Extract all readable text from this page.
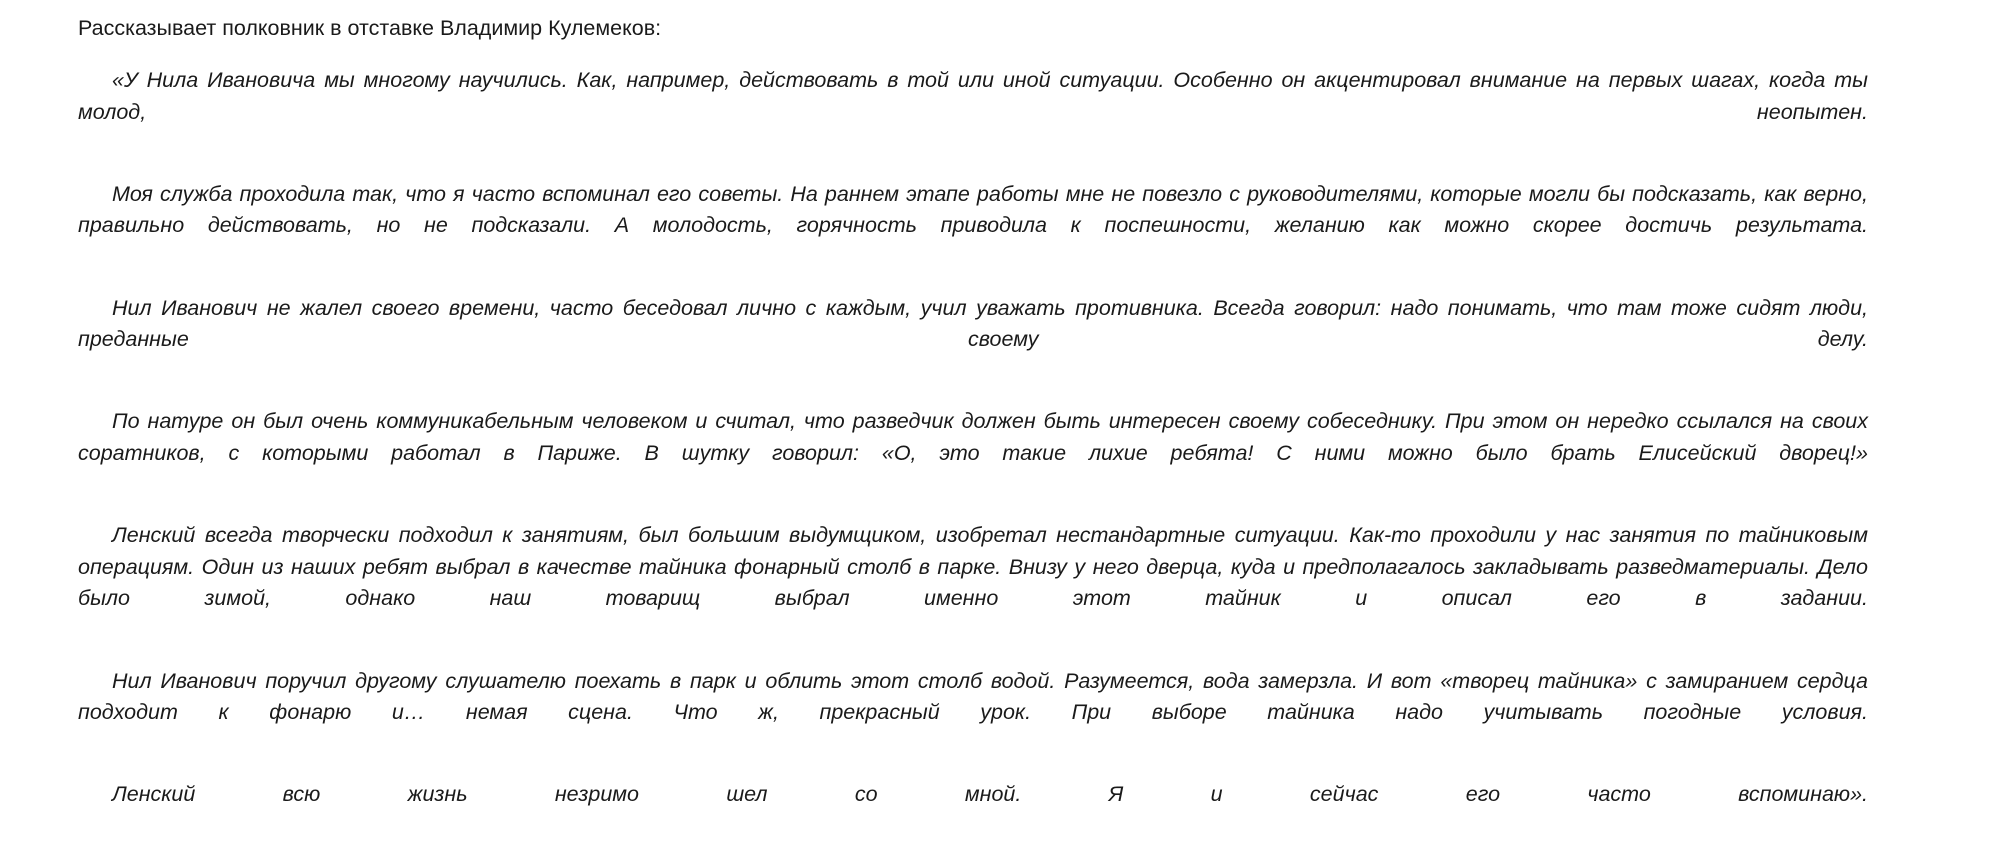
Рассказывает полковник в отставке Владимир Кулемеков:

«У Нила Ивановича мы многому научились. Как, например, действовать в той или иной ситуации. Особенно он акцентировал внимание на первых шагах, когда ты молод, неопытен.

Моя служба проходила так, что я часто вспоминал его советы. На раннем этапе работы мне не повезло с руководителями, которые могли бы подсказать, как верно, правильно действовать, но не подсказали. А молодость, горячность приводила к поспешности, желанию как можно скорее достичь результата.

Нил Иванович не жалел своего времени, часто беседовал лично с каждым, учил уважать противника. Всегда говорил: надо понимать, что там тоже сидят люди, преданные своему делу.

По натуре он был очень коммуникабельным человеком и считал, что разведчик должен быть интересен своему собеседнику. При этом он нередко ссылался на своих соратников, с которыми работал в Париже. В шутку говорил: «О, это такие лихие ребята! С ними можно было брать Елисейский дворец!»

Ленский всегда творчески подходил к занятиям, был большим выдумщиком, изобретал нестандартные ситуации. Как-то проходили у нас занятия по тайниковым операциям. Один из наших ребят выбрал в качестве тайника фонарный столб в парке. Внизу у него дверца, куда и предполагалось закладывать разведматериалы. Дело было зимой, однако наш товарищ выбрал именно этот тайник и описал его в задании.

Нил Иванович поручил другому слушателю поехать в парк и облить этот столб водой. Разумеется, вода замерзла. И вот «творец тайника» с замиранием сердца подходит к фонарю и… немая сцена. Что ж, прекрасный урок. При выборе тайника надо учитывать погодные условия.

Ленский всю жизнь незримо шел со мной. Я и сейчас его часто вспоминаю».
